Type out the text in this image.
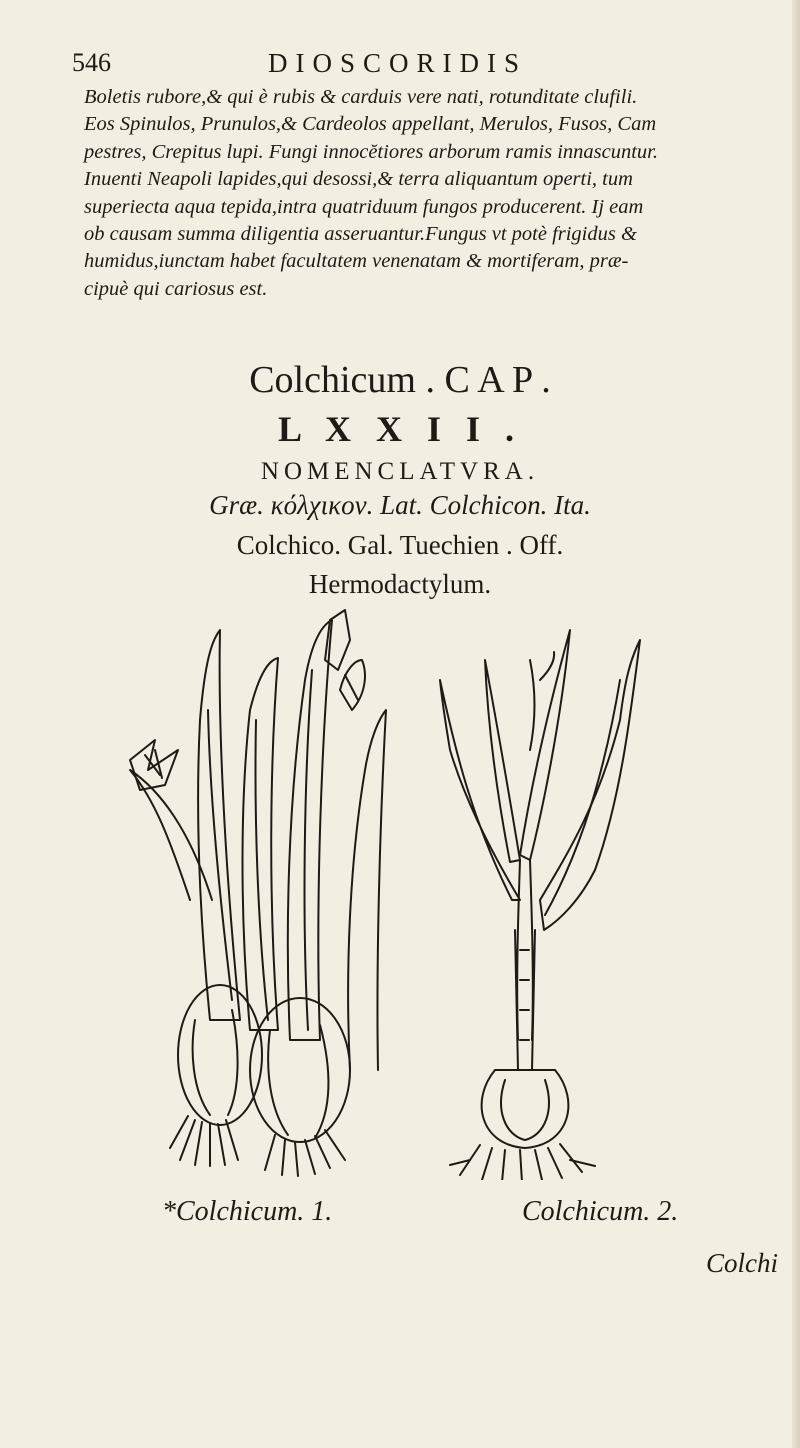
546	DIOSCORIDIS
Boletis rubore,& qui è rubis & carduis vere nati, rotunditate clufili.
Eos Spinulos, Prunulos,& Cardeolos appellant, Merulos, Fusos, Cam
pestres, Crepitus lupi. Fungi innocĕtiores arborum ramis innascuntur.
Inuenti Neapoli lapides,qui desossi,& terra aliquantum operti, tum
superiecta aqua tepida,intra quatriduum fungos producerent. Ij eam
ob causam summa diligentia asseruantur.Fungus vt potè frigidus &
humidus,iunctam habet facultatem venenatam & mortiferam, præ-
cipuè qui cariosus est.
Colchicum . C A P .
L X X I I .
NOMENCLATVRA.
Græ. κόλχικον. Lat. Colchicon. Ita.
Colchico. Gal. Tuechien . Off.
Hermodactylum.
*Colchicum. 1.	Colchicum. 2.
Colchi
